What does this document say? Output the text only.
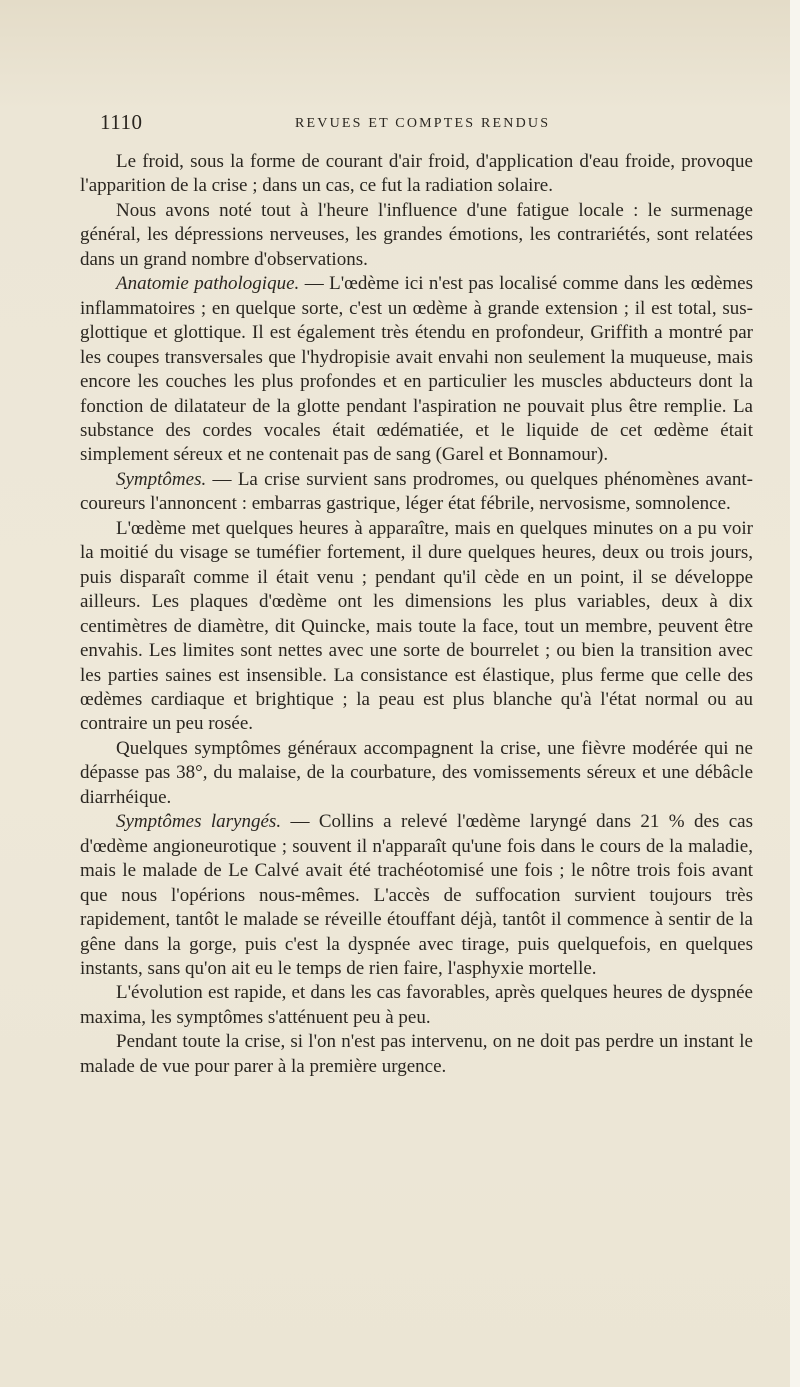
1110	REVUES ET COMPTES RENDUS

Le froid, sous la forme de courant d'air froid, d'application d'eau froide, provoque l'apparition de la crise ; dans un cas, ce fut la radiation solaire.

Nous avons noté tout à l'heure l'influence d'une fatigue locale : le surmenage général, les dépressions nerveuses, les grandes émotions, les contrariétés, sont relatées dans un grand nombre d'observations.

Anatomie pathologique. — L'œdème ici n'est pas localisé comme dans les œdèmes inflammatoires ; en quelque sorte, c'est un œdème à grande extension ; il est total, sus-glottique et glottique. Il est également très étendu en profondeur, Griffith a montré par les coupes transversales que l'hydropisie avait envahi non seulement la muqueuse, mais encore les couches les plus profondes et en particulier les muscles abducteurs dont la fonction de dilatateur de la glotte pendant l'aspiration ne pouvait plus être remplie. La substance des cordes vocales était œdématiée, et le liquide de cet œdème était simplement séreux et ne contenait pas de sang (Garel et Bonnamour).

Symptômes. — La crise survient sans prodromes, ou quelques phénomènes avant-coureurs l'annoncent : embarras gastrique, léger état fébrile, nervosisme, somnolence.

L'œdème met quelques heures à apparaître, mais en quelques minutes on a pu voir la moitié du visage se tuméfier fortement, il dure quelques heures, deux ou trois jours, puis disparaît comme il était venu ; pendant qu'il cède en un point, il se développe ailleurs. Les plaques d'œdème ont les dimensions les plus variables, deux à dix centimètres de diamètre, dit Quincke, mais toute la face, tout un membre, peuvent être envahis. Les limites sont nettes avec une sorte de bourrelet ; ou bien la transition avec les parties saines est insensible. La consistance est élastique, plus ferme que celle des œdèmes cardiaque et brightique ; la peau est plus blanche qu'à l'état normal ou au contraire un peu rosée.

Quelques symptômes généraux accompagnent la crise, une fièvre modérée qui ne dépasse pas 38°, du malaise, de la courbature, des vomissements séreux et une débâcle diarrhéique.

Symptômes laryngés. — Collins a relevé l'œdème laryngé dans 21 % des cas d'œdème angioneurotique ; souvent il n'apparaît qu'une fois dans le cours de la maladie, mais le malade de Le Calvé avait été trachéotomisé une fois ; le nôtre trois fois avant que nous l'opérions nous-mêmes. L'accès de suffocation survient toujours très rapidement, tantôt le malade se réveille étouffant déjà, tantôt il commence à sentir de la gêne dans la gorge, puis c'est la dyspnée avec tirage, puis quelquefois, en quelques instants, sans qu'on ait eu le temps de rien faire, l'asphyxie mortelle.

L'évolution est rapide, et dans les cas favorables, après quelques heures de dyspnée maxima, les symptômes s'atténuent peu à peu.

Pendant toute la crise, si l'on n'est pas intervenu, on ne doit pas perdre un instant le malade de vue pour parer à la première urgence.
